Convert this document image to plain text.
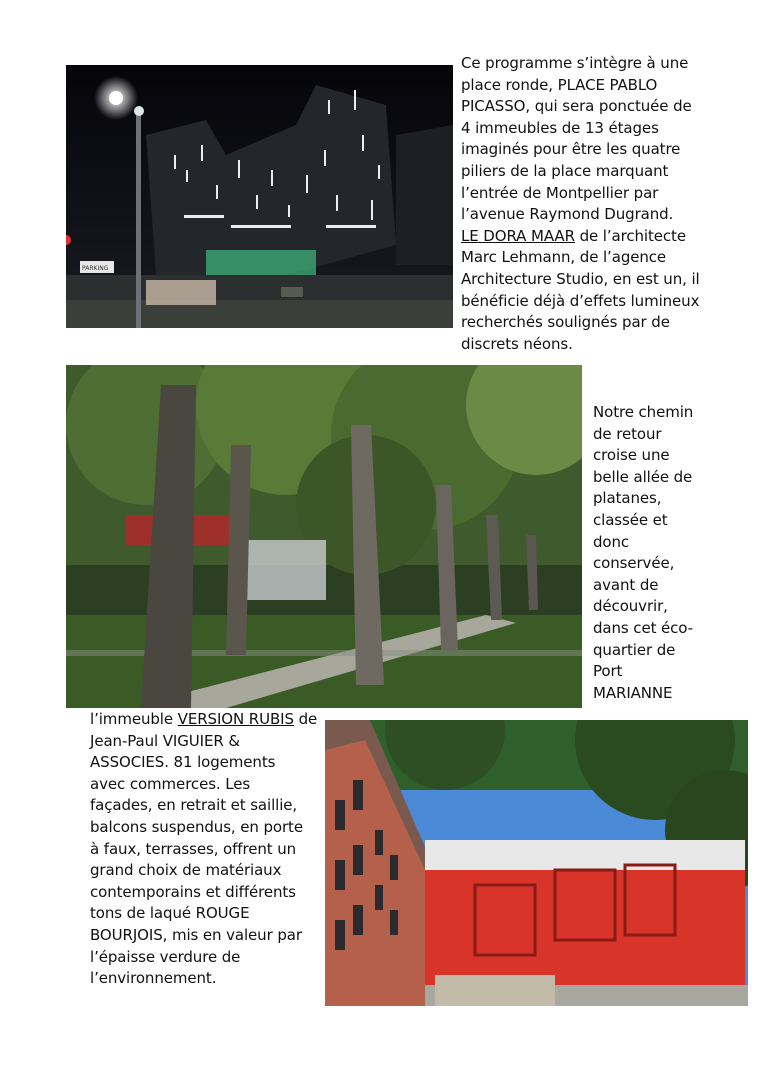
PARKING
Ce programme s’intègre à une
place ronde, PLACE PABLO
PICASSO, qui sera ponctuée de
4 immeubles de 13 étages
imaginés pour être les quatre
piliers de la place marquant
l’entrée de Montpellier par
l’avenue Raymond Dugrand.
LE DORA MAAR de l’architecte
Marc Lehmann, de l’agence
Architecture Studio, en est un, il
bénéficie déjà d’effets lumineux
recherchés soulignés par de
discrets néons.
Notre chemin
de retour
croise une
belle allée de
platanes,
classée et
donc
conservée,
avant de
découvrir,
dans cet éco-
quartier de
Port
MARIANNE
l’immeuble VERSION RUBIS de
Jean-Paul VIGUIER &
ASSOCIES. 81 logements
avec commerces. Les
façades, en retrait et saillie,
balcons suspendus, en porte
à faux, terrasses, offrent un
grand choix de matériaux
contemporains et différents
tons de laqué ROUGE
BOURJOIS, mis en valeur par
l’épaisse verdure de
l’environnement.
